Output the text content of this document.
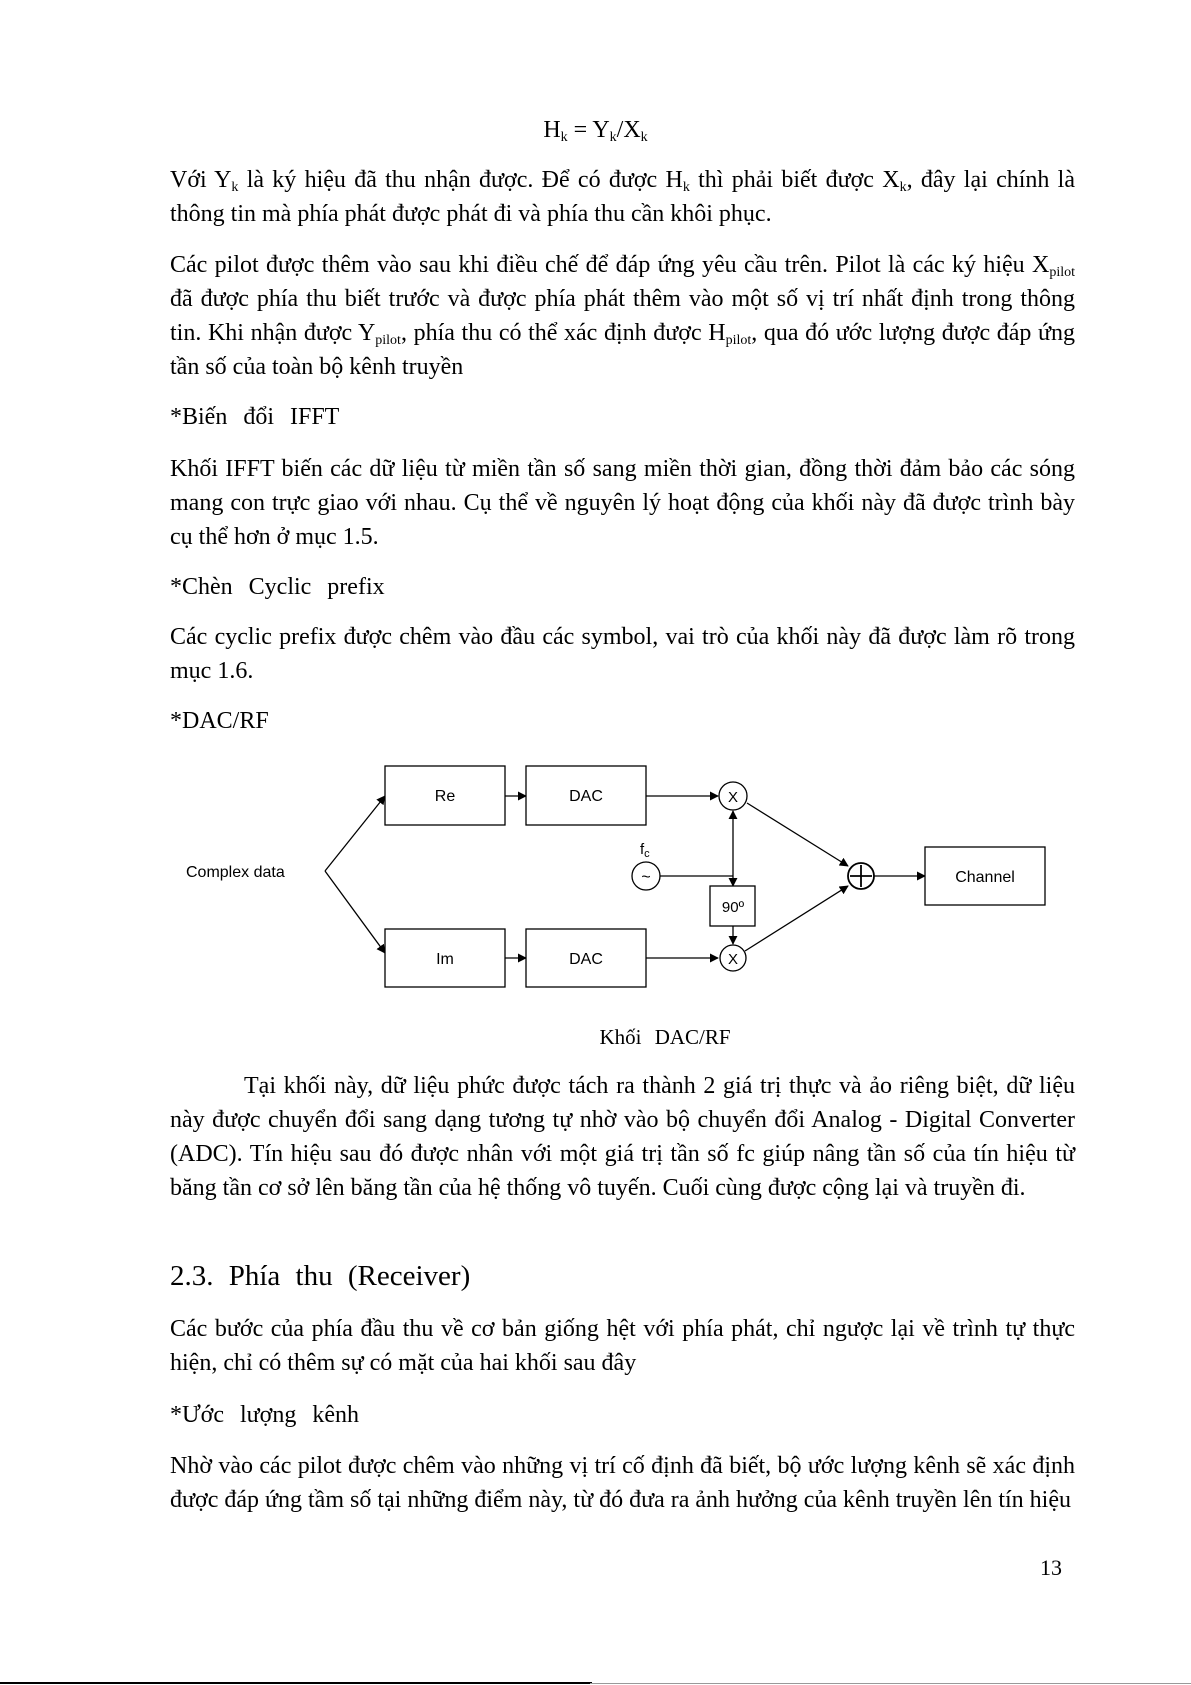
$H_k = Y_k/X_k$
Với $Y_k$ là ký hiệu đã thu nhận được. Để có được $H_k$ thì phải biết được $X_k$, đây lại chính là thông tin mà phía phát được phát đi và phía thu cần khôi phục.
Các pilot được thêm vào sau khi điều chế để đáp ứng yêu cầu trên. Pilot là các ký hiệu $X_{pilot}$ đã được phía thu biết trước và được phía phát thêm vào một số vị trí nhất định trong thông tin. Khi nhận được $Y_{pilot}$, phía thu có thể xác định được $H_{pilot}$, qua đó ước lượng được đáp ứng tần số của toàn bộ kênh truyền
*Biến đổi IFFT
Khối IFFT biến các dữ liệu từ miền tần số sang miền thời gian, đồng thời đảm bảo các sóng mang con trực giao với nhau. Cụ thể về nguyên lý hoạt động của khối này đã được trình bày cụ thể hơn ở mục 1.5.
*Chèn Cyclic prefix
Các cyclic prefix được chêm vào đầu các symbol, vai trò của khối này đã được làm rõ trong mục 1.6.
*DAC/RF
Complex data
Re
Im
DAC
DAC
X
X
$f_c$
~
90º
Channel
Khối DAC/RF
Tại khối này, dữ liệu phức được tách ra thành 2 giá trị thực và ảo riêng biệt, dữ liệu này được chuyển đổi sang dạng tương tự nhờ vào bộ chuyển đổi Analog - Digital Converter (ADC). Tín hiệu sau đó được nhân với một giá trị tần số fc giúp nâng tần số của tín hiệu từ băng tần cơ sở lên băng tần của hệ thống vô tuyến. Cuối cùng được cộng lại và truyền đi.
2.3. Phía thu (Receiver)
Các bước của phía đầu thu về cơ bản giống hệt với phía phát, chỉ ngược lại về trình tự thực hiện, chỉ có thêm sự có mặt của hai khối sau đây
*Ước lượng kênh
Nhờ vào các pilot được chêm vào những vị trí cố định đã biết, bộ ước lượng kênh sẽ xác định được đáp ứng tầm số tại những điểm này, từ đó đưa ra ảnh hưởng của kênh truyền lên tín hiệu
13
